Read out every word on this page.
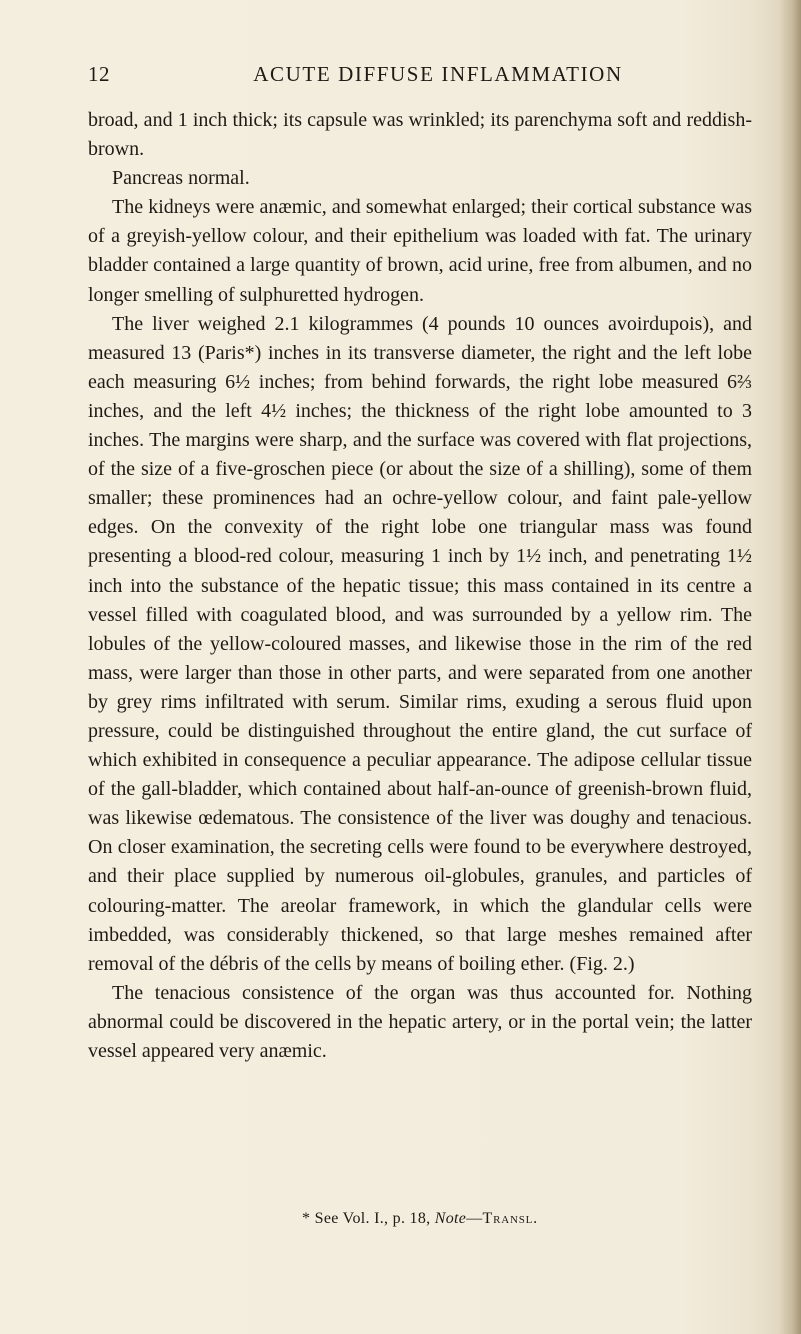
12	ACUTE DIFFUSE INFLAMMATION

broad, and 1 inch thick; its capsule was wrinkled; its parenchyma soft and reddish-brown.

Pancreas normal.

The kidneys were anæmic, and somewhat enlarged; their cortical substance was of a greyish-yellow colour, and their epithelium was loaded with fat. The urinary bladder contained a large quantity of brown, acid urine, free from albumen, and no longer smelling of sulphuretted hydrogen.

The liver weighed 2.1 kilogrammes (4 pounds 10 ounces avoirdupois), and measured 13 (Paris*) inches in its transverse diameter, the right and the left lobe each measuring 6½ inches; from behind forwards, the right lobe measured 6⅔ inches, and the left 4½ inches; the thickness of the right lobe amounted to 3 inches. The margins were sharp, and the surface was covered with flat projections, of the size of a five-groschen piece (or about the size of a shilling), some of them smaller; these prominences had an ochre-yellow colour, and faint pale-yellow edges. On the convexity of the right lobe one triangular mass was found presenting a blood-red colour, measuring 1 inch by 1½ inch, and penetrating 1½ inch into the substance of the hepatic tissue; this mass contained in its centre a vessel filled with coagulated blood, and was surrounded by a yellow rim. The lobules of the yellow-coloured masses, and likewise those in the rim of the red mass, were larger than those in other parts, and were separated from one another by grey rims infiltrated with serum. Similar rims, exuding a serous fluid upon pressure, could be distinguished throughout the entire gland, the cut surface of which exhibited in consequence a peculiar appearance. The adipose cellular tissue of the gall-bladder, which contained about half-an-ounce of greenish-brown fluid, was likewise œdematous. The consistence of the liver was doughy and tenacious. On closer examination, the secreting cells were found to be everywhere destroyed, and their place supplied by numerous oil-globules, granules, and particles of colouring-matter. The areolar framework, in which the glandular cells were imbedded, was considerably thickened, so that large meshes remained after removal of the débris of the cells by means of boiling ether. (Fig. 2.)

The tenacious consistence of the organ was thus accounted for. Nothing abnormal could be discovered in the hepatic artery, or in the portal vein; the latter vessel appeared very anæmic.

* See Vol. I., p. 18, Note—Transl.
